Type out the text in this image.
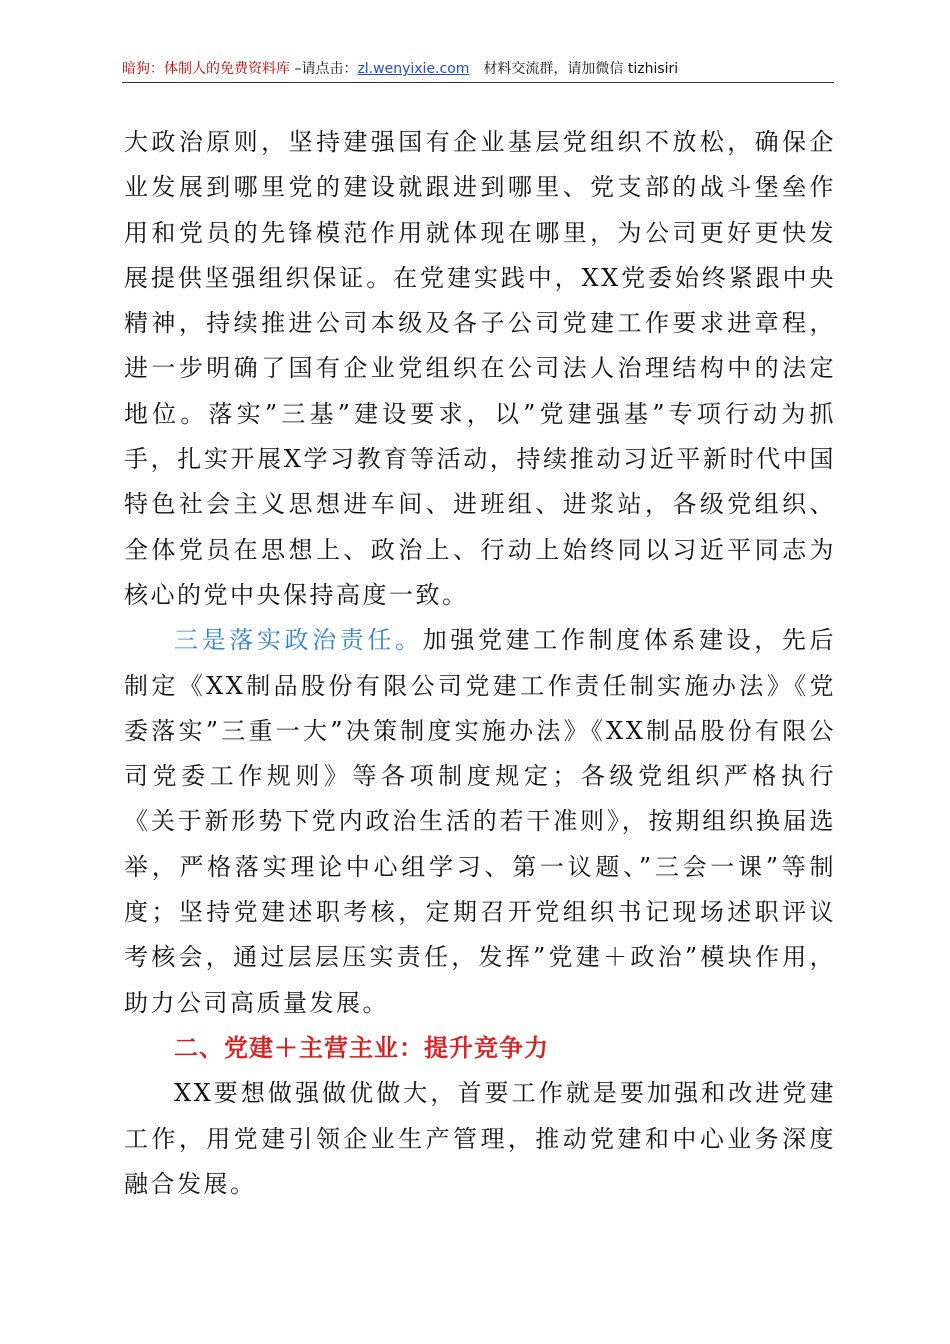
暗狗：体制人的免费资料库 –请点击：zl.wenyixie.com 材料交流群，请加微信 tizhisiri

大政治原则，坚持建强国有企业基层党组织不放松，确保企业发展到哪里党的建设就跟进到哪里、党支部的战斗堡垒作用和党员的先锋模范作用就体现在哪里，为公司更好更快发展提供坚强组织保证。在党建实践中，XX党委始终紧跟中央精神，持续推进公司本级及各子公司党建工作要求进章程，进一步明确了国有企业党组织在公司法人治理结构中的法定地位。落实”三基”建设要求，以”党建强基”专项行动为抓手，扎实开展X学习教育等活动，持续推动习近平新时代中国特色社会主义思想进车间、进班组、进浆站，各级党组织、全体党员在思想上、政治上、行动上始终同以习近平同志为核心的党中央保持高度一致。

三是落实政治责任。加强党建工作制度体系建设，先后制定《XX制品股份有限公司党建工作责任制实施办法》《党委落实”三重一大”决策制度实施办法》《XX制品股份有限公司党委工作规则》等各项制度规定；各级党组织严格执行《关于新形势下党内政治生活的若干准则》，按期组织换届选举，严格落实理论中心组学习、第一议题、”三会一课”等制度；坚持党建述职考核，定期召开党组织书记现场述职评议考核会，通过层层压实责任，发挥”党建＋政治”模块作用，助力公司高质量发展。

二、党建＋主营主业：提升竞争力

XX要想做强做优做大，首要工作就是要加强和改进党建工作，用党建引领企业生产管理，推动党建和中心业务深度融合发展。
